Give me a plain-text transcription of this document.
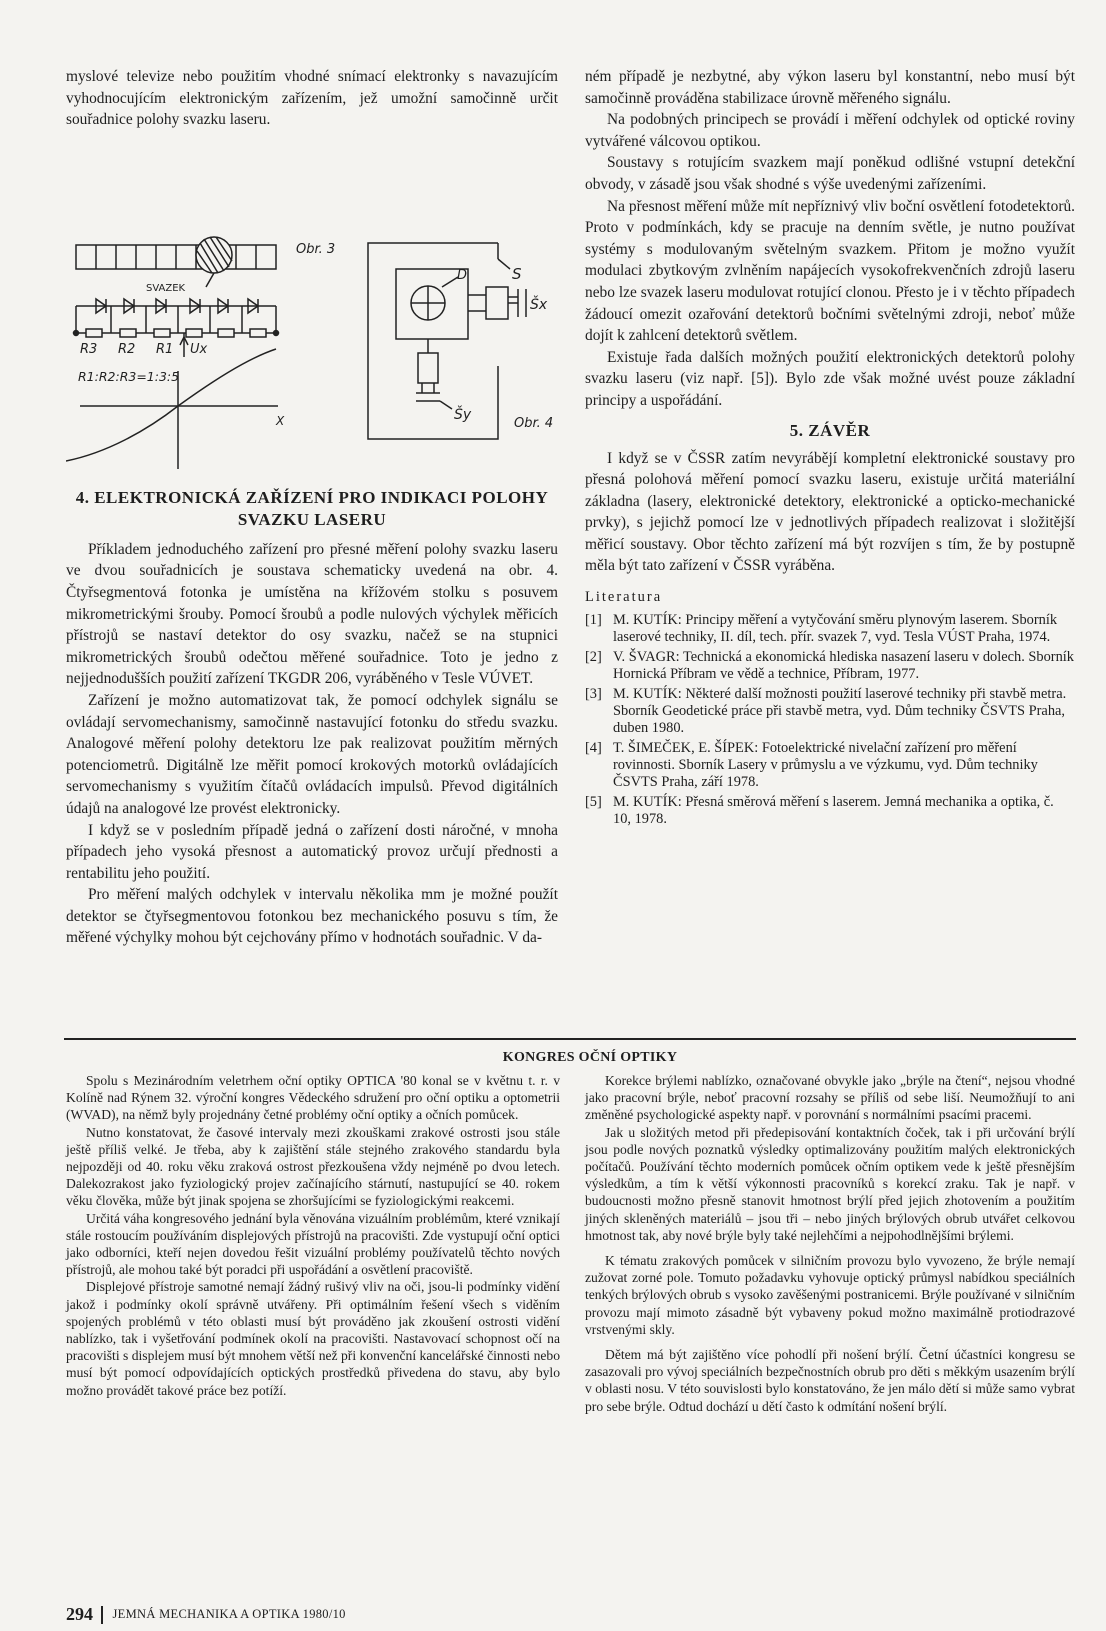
myslové televize nebo použitím vhodné snímací elektronky s navazujícím vyhodnocujícím elektronickým zařízením, jež umožní samočinně určit souřadnice polohy svazku laseru.

SVAZEK
R3 R2 R1 Ux
R1:R2:R3=1:3:5
X
Obr. 3
S
D
Šx
Šy
Obr. 4
4. ELEKTRONICKÁ ZAŘÍZENÍ PRO INDIKACI POLOHY SVAZKU LASERU

Příkladem jednoduchého zařízení pro přesné měření polohy svazku laseru ve dvou souřadnicích je soustava schematicky uvedená na obr. 4. Čtyřsegmentová fotonka je umístěna na křížovém stolku s posuvem mikrometrickými šrouby. Pomocí šroubů a podle nulových výchylek měřicích přístrojů se nastaví detektor do osy svazku, načež se na stupnici mikrometrických šroubů odečtou měřené souřadnice. Toto je jedno z nejjednodušších použití zařízení TKGDR 206, vyráběného v Tesle VÚVET.

Zařízení je možno automatizovat tak, že pomocí odchylek signálu se ovládají servomechanismy, samočinně nastavující fotonku do středu svazku. Analogové měření polohy detektoru lze pak realizovat použitím měrných potenciometrů. Digitálně lze měřit pomocí krokových motorků ovládajících servomechanismy s využitím čítačů ovládacích impulsů. Převod digitálních údajů na analogové lze provést elektronicky.

I když se v posledním případě jedná o zařízení dosti náročné, v mnoha případech jeho vysoká přesnost a automatický provoz určují přednosti a rentabilitu jeho použití.

Pro měření malých odchylek v intervalu několika mm je možné použít detektor se čtyřsegmentovou fotonkou bez mechanického posuvu s tím, že měřené výchylky mohou být cejchovány přímo v hodnotách souřadnic. V da-

ném případě je nezbytné, aby výkon laseru byl konstantní, nebo musí být samočinně prováděna stabilizace úrovně měřeného signálu.

Na podobných principech se provádí i měření odchylek od optické roviny vytvářené válcovou optikou.

Soustavy s rotujícím svazkem mají poněkud odlišné vstupní detekční obvody, v zásadě jsou však shodné s výše uvedenými zařízeními.

Na přesnost měření může mít nepříznivý vliv boční osvětlení fotodetektorů. Proto v podmínkách, kdy se pracuje na denním světle, je nutno používat systémy s modulovaným světelným svazkem. Přitom je možno využít modulaci zbytkovým zvlněním napájecích vysokofrekvenčních zdrojů laseru nebo lze svazek laseru modulovat rotující clonou. Přesto je i v těchto případech žádoucí omezit ozařování detektorů bočními světelnými zdroji, neboť může dojít k zahlcení detektorů světlem.

Existuje řada dalších možných použití elektronických detektorů polohy svazku laseru (viz např. [5]). Bylo zde však možné uvést pouze základní principy a uspořádání.

5. ZÁVĚR

I když se v ČSSR zatím nevyrábějí kompletní elektronické soustavy pro přesná polohová měření pomocí svazku laseru, existuje určitá materiální základna (lasery, elektronické detektory, elektronické a opticko-mechanické prvky), s jejichž pomocí lze v jednotlivých případech realizovat i složitější měřicí soustavy. Obor těchto zařízení má být rozvíjen s tím, že by postupně měla být tato zařízení v ČSSR vyráběna.

Literatura
[1] M. KUTÍK: Principy měření a vytyčování směru plynovým laserem. Sborník laserové techniky, II. díl, tech. přír. svazek 7, vyd. Tesla VÚST Praha, 1974.
[2] V. ŠVAGR: Technická a ekonomická hlediska nasazení laseru v dolech. Sborník Hornická Příbram ve vědě a technice, Příbram, 1977.
[3] M. KUTÍK: Některé další možnosti použití laserové techniky při stavbě metra. Sborník Geodetické práce při stavbě metra, vyd. Dům techniky ČSVTS Praha, duben 1980.
[4] T. ŠIMEČEK, E. ŠÍPEK: Fotoelektrické nivelační zařízení pro měření rovinnosti. Sborník Lasery v průmyslu a ve výzkumu, vyd. Dům techniky ČSVTS Praha, září 1978.
[5] M. KUTÍK: Přesná směrová měření s laserem. Jemná mechanika a optika, č. 10, 1978.
KONGRES OČNÍ OPTIKY

Spolu s Mezinárodním veletrhem oční optiky OPTICA '80 konal se v květnu t. r. v Kolíně nad Rýnem 32. výroční kongres Vědeckého sdružení pro oční optiku a optometrii (WVAD), na němž byly projednány četné problémy oční optiky a očních pomůcek.

Nutno konstatovat, že časové intervaly mezi zkouškami zrakové ostrosti jsou stále ještě příliš velké. Je třeba, aby k zajištění stále stejného zrakového standardu byla nejpozději od 40. roku věku zraková ostrost přezkoušena vždy nejméně po dvou letech. Dalekozrakost jako fyziologický projev začínajícího stárnutí, nastupující se 40. rokem věku člověka, může být jinak spojena se zhoršujícími se fyziologickými reakcemi.

Určitá váha kongresového jednání byla věnována vizuálním problémům, které vznikají stále rostoucím používáním displejových přístrojů na pracovišti. Zde vystupují oční optici jako odborníci, kteří nejen dovedou řešit vizuální problémy používatelů těchto nových přístrojů, ale mohou také být poradci při uspořádání a osvětlení pracoviště.

Displejové přístroje samotné nemají žádný rušivý vliv na oči, jsou-li podmínky vidění jakož i podmínky okolí správně utvářeny. Při optimálním řešení všech s viděním spojených problémů v této oblasti musí být prováděno jak zkoušení ostrosti vidění nablízko, tak i vyšetřování podmínek okolí na pracovišti. Nastavovací schopnost očí na pracovišti s displejem musí být mnohem větší než při konvenční kancelářské činnosti nebo musí být pomocí odpovídajících optických prostředků přivedena do stavu, aby bylo možno provádět takové práce bez potíží.

Korekce brýlemi nablízko, označované obvykle jako „brýle na čtení“, nejsou vhodné jako pracovní brýle, neboť pracovní rozsahy se příliš od sebe liší. Neumožňují to ani změněné psychologické aspekty např. v porovnání s normálními psacími pracemi.

Jak u složitých metod při předepisování kontaktních čoček, tak i při určování brýlí jsou podle nových poznatků výsledky optimalizovány použitím malých elektronických počítačů. Používání těchto moderních pomůcek očním optikem vede k ještě přesnějším výsledkům, a tím k větší výkonnosti pracovníků s korekcí zraku. Tak je např. v budoucnosti možno přesně stanovit hmotnost brýlí před jejich zhotovením a použitím jiných skleněných materiálů – jsou tři – nebo jiných brýlových obrub utvářet celkovou hmotnost tak, aby nové brýle byly také nejlehčími a nejpohodlnějšími brýlemi.

K tématu zrakových pomůcek v silničním provozu bylo vyvozeno, že brýle nemají zužovat zorné pole. Tomuto požadavku vyhovuje optický průmysl nabídkou speciálních tenkých brýlových obrub s vysoko zavěšenými postranicemi. Brýle používané v silničním provozu mají mimoto zásadně být vybaveny pokud možno maximálně protiodrazové vrstvenými skly.

Dětem má být zajištěno více pohodlí při nošení brýlí. Četní účastníci kongresu se zasazovali pro vývoj speciálních bezpečnostních obrub pro děti s měkkým usazením brýlí v oblasti nosu. V této souvislosti bylo konstatováno, že jen málo dětí si může samo vybrat pro sebe brýle. Odtud dochází u dětí často k odmítání nošení brýlí.

294 JEMNÁ MECHANIKA A OPTIKA 1980/10
